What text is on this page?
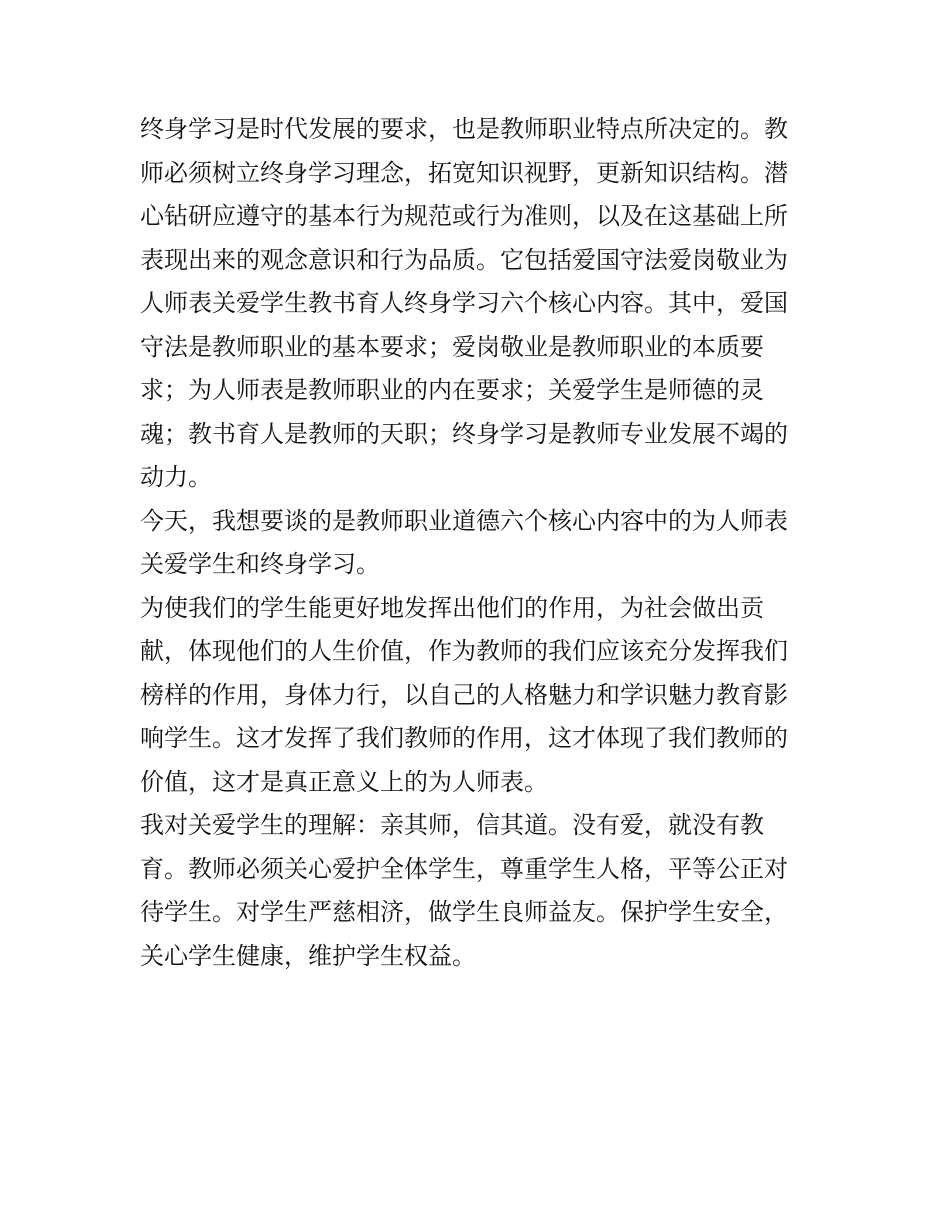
终身学习是时代发展的要求，也是教师职业特点所决定的。教
师必须树立终身学习理念，拓宽知识视野，更新知识结构。潜
心钻研应遵守的基本行为规范或行为准则，以及在这基础上所
表现出来的观念意识和行为品质。它包括爱国守法爱岗敬业为
人师表关爱学生教书育人终身学习六个核心内容。其中，爱国
守法是教师职业的基本要求；爱岗敬业是教师职业的本质要
求；为人师表是教师职业的内在要求；关爱学生是师德的灵
魂；教书育人是教师的天职；终身学习是教师专业发展不竭的
动力。

今天，我想要谈的是教师职业道德六个核心内容中的为人师表
关爱学生和终身学习。

为使我们的学生能更好地发挥出他们的作用，为社会做出贡
献，体现他们的人生价值，作为教师的我们应该充分发挥我们
榜样的作用，身体力行，以自己的人格魅力和学识魅力教育影
响学生。这才发挥了我们教师的作用，这才体现了我们教师的
价值，这才是真正意义上的为人师表。

我对关爱学生的理解：亲其师，信其道。没有爱，就没有教
育。教师必须关心爱护全体学生，尊重学生人格，平等公正对
待学生。对学生严慈相济，做学生良师益友。保护学生安全，
关心学生健康，维护学生权益。
